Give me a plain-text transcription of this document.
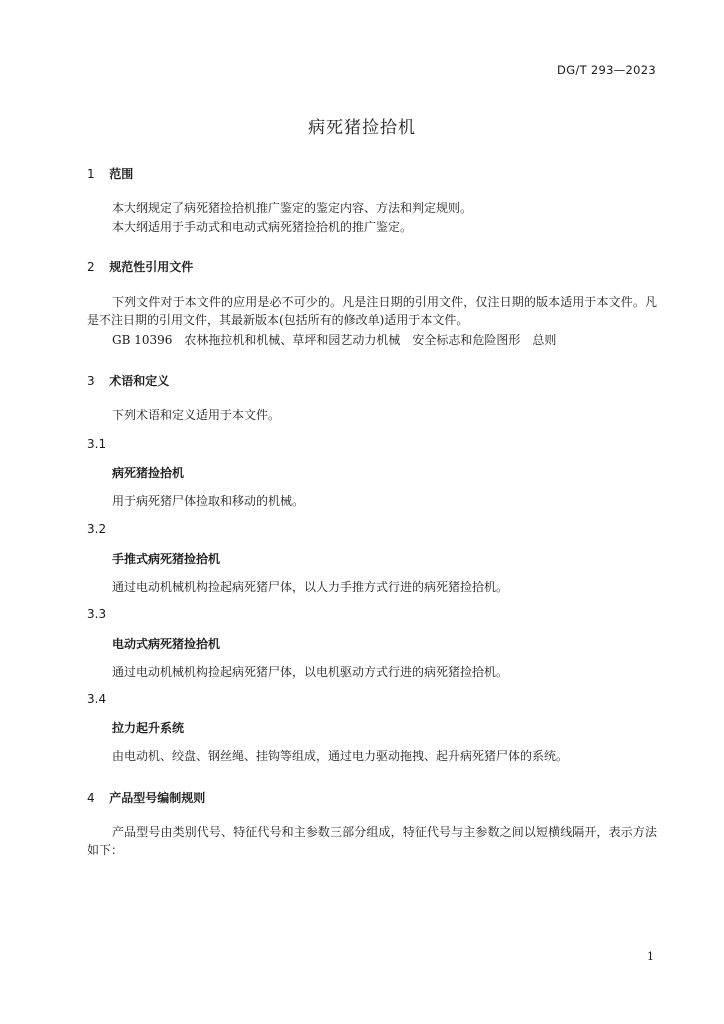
DG/T 293—2023
病死猪捡拾机
1 范围
本大纲规定了病死猪捡拾机推广鉴定的鉴定内容、方法和判定规则。
本大纲适用于手动式和电动式病死猪捡拾机的推广鉴定。
2 规范性引用文件
下列文件对于本文件的应用是必不可少的。凡是注日期的引用文件，仅注日期的版本适用于本文件。凡是不注日期的引用文件，其最新版本(包括所有的修改单)适用于本文件。
GB 10396　农林拖拉机和机械、草坪和园艺动力机械　安全标志和危险图形　总则
3 术语和定义
下列术语和定义适用于本文件。
3.1
病死猪捡拾机
用于病死猪尸体捡取和移动的机械。
3.2
手推式病死猪捡拾机
通过电动机械机构捡起病死猪尸体，以人力手推方式行进的病死猪捡拾机。
3.3
电动式病死猪捡拾机
通过电动机械机构捡起病死猪尸体，以电机驱动方式行进的病死猪捡拾机。
3.4
拉力起升系统
由电动机、绞盘、钢丝绳、挂钩等组成，通过电力驱动拖拽、起升病死猪尸体的系统。
4 产品型号编制规则
产品型号由类别代号、特征代号和主参数三部分组成，特征代号与主参数之间以短横线隔开，表示方法如下：
1
